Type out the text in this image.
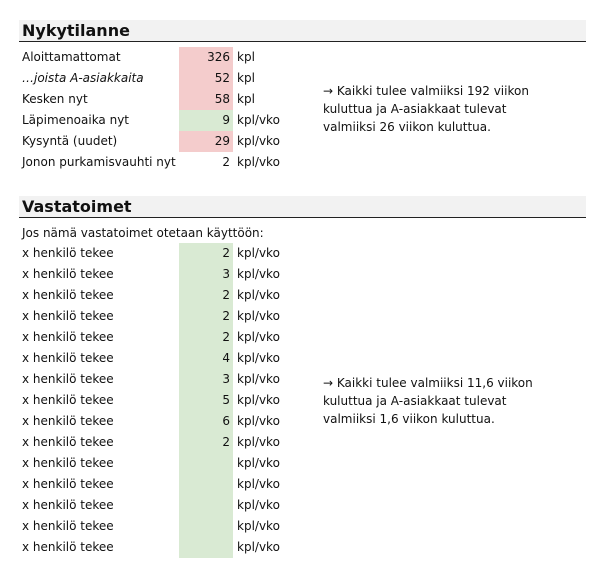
Nykytilanne
Aloittamattomat	326 kpl
…joista A-asiakkaita	52 kpl
Kesken nyt	58 kpl
Läpimenoaika nyt	9 kpl/vko
Kysyntä (uudet)	29 kpl/vko
Jonon purkamisvauhti nyt	2 kpl/vko
→ Kaikki tulee valmiiksi 192 viikon kuluttua ja A-asiakkaat tulevat valmiiksi 26 viikon kuluttua.
Vastatoimet
Jos nämä vastatoimet otetaan käyttöön:
x henkilö tekee	2 kpl/vko
x henkilö tekee	3 kpl/vko
x henkilö tekee	2 kpl/vko
x henkilö tekee	2 kpl/vko
x henkilö tekee	2 kpl/vko
x henkilö tekee	4 kpl/vko
x henkilö tekee	3 kpl/vko
x henkilö tekee	5 kpl/vko
x henkilö tekee	6 kpl/vko
x henkilö tekee	2 kpl/vko
x henkilö tekee	kpl/vko
x henkilö tekee	kpl/vko
x henkilö tekee	kpl/vko
x henkilö tekee	kpl/vko
x henkilö tekee	kpl/vko
→ Kaikki tulee valmiiksi 11,6 viikon kuluttua ja A-asiakkaat tulevat valmiiksi 1,6 viikon kuluttua.
